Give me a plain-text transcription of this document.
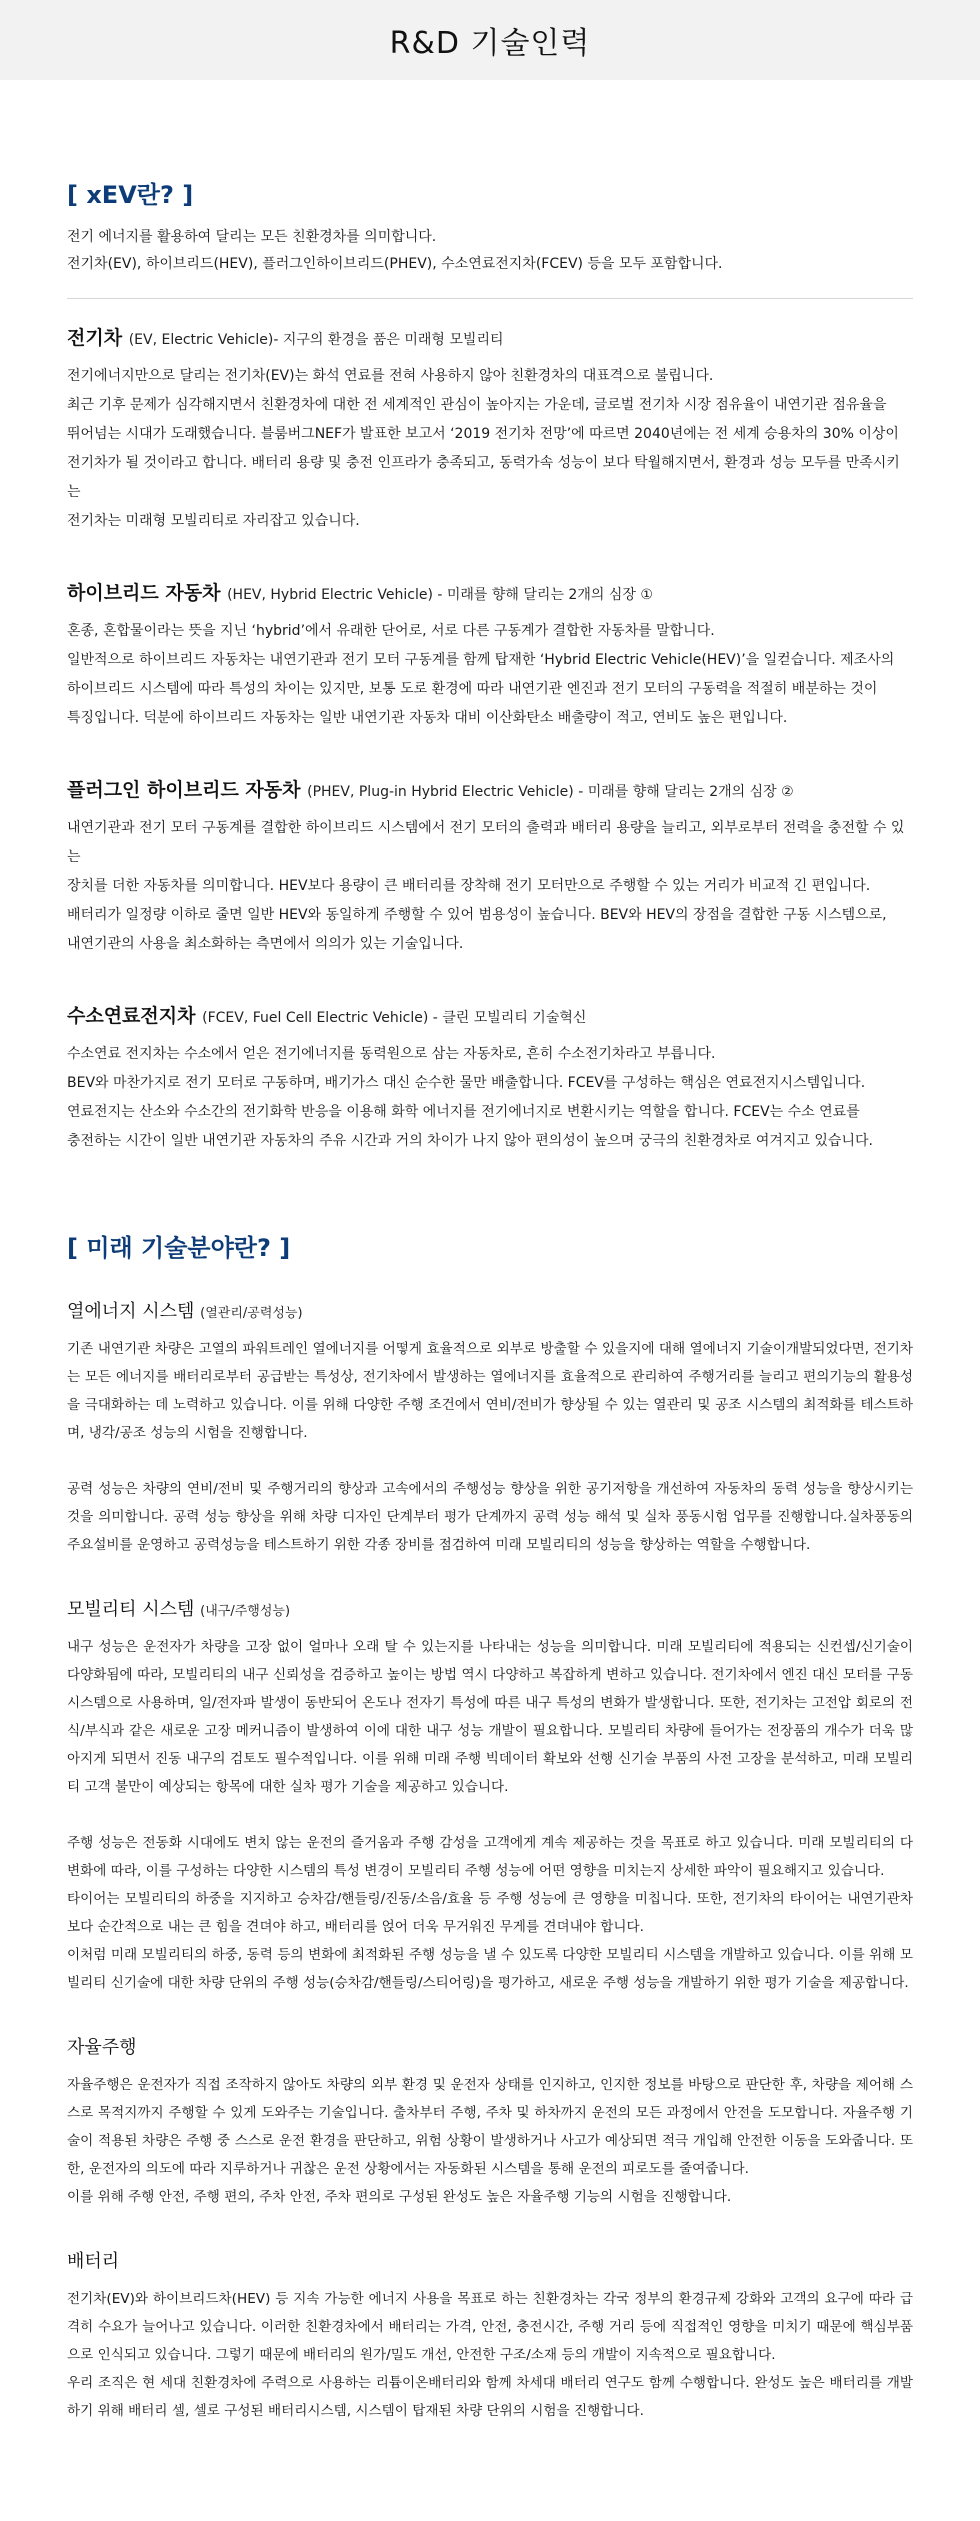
R&D 기술인력
[ xEV란? ]

전기 에너지를 활용하여 달리는 모든 친환경차를 의미합니다.
전기차(EV), 하이브리드(HEV), 플러그인하이브리드(PHEV), 수소연료전지차(FCEV) 등을 모두 포함합니다.

전기차 (EV, Electric Vehicle)- 지구의 환경을 품은 미래형 모빌리티

전기에너지만으로 달리는 전기차(EV)는 화석 연료를 전혀 사용하지 않아 친환경차의 대표격으로 불립니다.
최근 기후 문제가 심각해지면서 친환경차에 대한 전 세계적인 관심이 높아지는 가운데, 글로벌 전기차 시장 점유율이 내연기관 점유율을
뛰어넘는 시대가 도래했습니다. 블룸버그NEF가 발표한 보고서 ‘2019 전기차 전망’에 따르면 2040년에는 전 세계 승용차의 30% 이상이
전기차가 될 것이라고 합니다. 배터리 용량 및 충전 인프라가 충족되고, 동력가속 성능이 보다 탁월해지면서, 환경과 성능 모두를 만족시키는
전기차는 미래형 모빌리티로 자리잡고 있습니다.

하이브리드 자동차 (HEV, Hybrid Electric Vehicle) - 미래를 향해 달리는 2개의 심장 ①

혼종, 혼합물이라는 뜻을 지닌 ‘hybrid’에서 유래한 단어로, 서로 다른 구동계가 결합한 자동차를 말합니다.
일반적으로 하이브리드 자동차는 내연기관과 전기 모터 구동계를 함께 탑재한 ‘Hybrid Electric Vehicle(HEV)’을 일컫습니다. 제조사의
하이브리드 시스템에 따라 특성의 차이는 있지만, 보통 도로 환경에 따라 내연기관 엔진과 전기 모터의 구동력을 적절히 배분하는 것이
특징입니다. 덕분에 하이브리드 자동차는 일반 내연기관 자동차 대비 이산화탄소 배출량이 적고, 연비도 높은 편입니다.

플러그인 하이브리드 자동차 (PHEV, Plug-in Hybrid Electric Vehicle) - 미래를 향해 달리는 2개의 심장 ②

내연기관과 전기 모터 구동계를 결합한 하이브리드 시스템에서 전기 모터의 출력과 배터리 용량을 늘리고, 외부로부터 전력을 충전할 수 있는
장치를 더한 자동차를 의미합니다. HEV보다 용량이 큰 배터리를 장착해 전기 모터만으로 주행할 수 있는 거리가 비교적 긴 편입니다.
배터리가 일정량 이하로 줄면 일반 HEV와 동일하게 주행할 수 있어 범용성이 높습니다. BEV와 HEV의 장점을 결합한 구동 시스템으로,
내연기관의 사용을 최소화하는 측면에서 의의가 있는 기술입니다.

수소연료전지차 (FCEV, Fuel Cell Electric Vehicle) - 클린 모빌리티 기술혁신

수소연료 전지차는 수소에서 얻은 전기에너지를 동력원으로 삼는 자동차로, 흔히 수소전기차라고 부릅니다.
BEV와 마찬가지로 전기 모터로 구동하며, 배기가스 대신 순수한 물만 배출합니다. FCEV를 구성하는 핵심은 연료전지시스템입니다.
연료전지는 산소와 수소간의 전기화학 반응을 이용해 화학 에너지를 전기에너지로 변환시키는 역할을 합니다. FCEV는 수소 연료를
충전하는 시간이 일반 내연기관 자동차의 주유 시간과 거의 차이가 나지 않아 편의성이 높으며 궁극의 친환경차로 여겨지고 있습니다.

[ 미래 기술분야란? ]
열에너지 시스템 (열관리/공력성능)

기존 내연기관 차량은 고열의 파워트레인 열에너지를 어떻게 효율적으로 외부로 방출할 수 있을지에 대해 열에너지 기술이개발되었다면, 전기차는 모든 에너지를 배터리로부터 공급받는 특성상, 전기차에서 발생하는 열에너지를 효율적으로 관리하여 주행거리를 늘리고 편의기능의 활용성을 극대화하는 데 노력하고 있습니다. 이를 위해 다양한 주행 조건에서 연비/전비가 향상될 수 있는 열관리 및 공조 시스템의 최적화를 테스트하며, 냉각/공조 성능의 시험을 진행합니다.

공력 성능은 차량의 연비/전비 및 주행거리의 향상과 고속에서의 주행성능 향상을 위한 공기저항을 개선하여 자동차의 동력 성능을 향상시키는 것을 의미합니다. 공력 성능 향상을 위해 차량 디자인 단계부터 평가 단계까지 공력 성능 해석 및 실차 풍동시험 업무를 진행합니다.실차풍동의 주요설비를 운영하고 공력성능을 테스트하기 위한 각종 장비를 점검하여 미래 모빌리티의 성능을 향상하는 역할을 수행합니다.

모빌리티 시스템 (내구/주행성능)

내구 성능은 운전자가 차량을 고장 없이 얼마나 오래 탈 수 있는지를 나타내는 성능을 의미합니다. 미래 모빌리티에 적용되는 신컨셉/신기술이 다양화됨에 따라, 모빌리티의 내구 신뢰성을 검증하고 높이는 방법 역시 다양하고 복잡하게 변하고 있습니다. 전기차에서 엔진 대신 모터를 구동 시스템으로 사용하며, 일/전자파 발생이 동반되어 온도나 전자기 특성에 따른 내구 특성의 변화가 발생합니다. 또한, 전기차는 고전압 회로의 전식/부식과 같은 새로운 고장 메커니즘이 발생하여 이에 대한 내구 성능 개발이 필요합니다. 모빌리티 차량에 들어가는 전장품의 개수가 더욱 많아지게 되면서 진동 내구의 검토도 필수적입니다. 이를 위해 미래 주행 빅데이터 확보와 선행 신기술 부품의 사전 고장을 분석하고, 미래 모빌리티 고객 불만이 예상되는 항목에 대한 실차 평가 기술을 제공하고 있습니다.

주행 성능은 전동화 시대에도 변치 않는 운전의 즐거움과 주행 감성을 고객에게 계속 제공하는 것을 목표로 하고 있습니다. 미래 모빌리티의 다변화에 따라, 이를 구성하는 다양한 시스템의 특성 변경이 모빌리티 주행 성능에 어떤 영향을 미치는지 상세한 파악이 필요해지고 있습니다.
타이어는 모빌리티의 하중을 지지하고 승차감/핸들링/진동/소음/효율 등 주행 성능에 큰 영향을 미칩니다. 또한, 전기차의 타이어는 내연기관차보다 순간적으로 내는 큰 힘을 견뎌야 하고, 배터리를 얹어 더욱 무거워진 무게를 견뎌내야 합니다.
이처럼 미래 모빌리티의 하중, 동력 등의 변화에 최적화된 주행 성능을 낼 수 있도록 다양한 모빌리티 시스템을 개발하고 있습니다. 이를 위해 모빌리티 신기술에 대한 차량 단위의 주행 성능(승차감/핸들링/스티어링)을 평가하고, 새로운 주행 성능을 개발하기 위한 평가 기술을 제공합니다.

자율주행

자율주행은 운전자가 직접 조작하지 않아도 차량의 외부 환경 및 운전자 상태를 인지하고, 인지한 정보를 바탕으로 판단한 후, 차량을 제어해 스스로 목적지까지 주행할 수 있게 도와주는 기술입니다. 출차부터 주행, 주차 및 하차까지 운전의 모든 과정에서 안전을 도모합니다. 자율주행 기술이 적용된 차량은 주행 중 스스로 운전 환경을 판단하고, 위험 상황이 발생하거나 사고가 예상되면 적극 개입해 안전한 이동을 도와줍니다. 또한, 운전자의 의도에 따라 지루하거나 귀찮은 운전 상황에서는 자동화된 시스템을 통해 운전의 피로도를 줄여줍니다.
이를 위해 주행 안전, 주행 편의, 주차 안전, 주차 편의로 구성된 완성도 높은 자율주행 기능의 시험을 진행합니다.

배터리

전기차(EV)와 하이브리드차(HEV) 등 지속 가능한 에너지 사용을 목표로 하는 친환경차는 각국 정부의 환경규제 강화와 고객의 요구에 따라 급격히 수요가 늘어나고 있습니다. 이러한 친환경차에서 배터리는 가격, 안전, 충전시간, 주행 거리 등에 직접적인 영향을 미치기 때문에 핵심부품으로 인식되고 있습니다. 그렇기 때문에 배터리의 원가/밀도 개선, 안전한 구조/소재 등의 개발이 지속적으로 필요합니다.
우리 조직은 현 세대 친환경차에 주력으로 사용하는 리튬이온배터리와 함께 차세대 배터리 연구도 함께 수행합니다. 완성도 높은 배터리를 개발하기 위해 배터리 셀, 셀로 구성된 배터리시스템, 시스템이 탑재된 차량 단위의 시험을 진행합니다.
